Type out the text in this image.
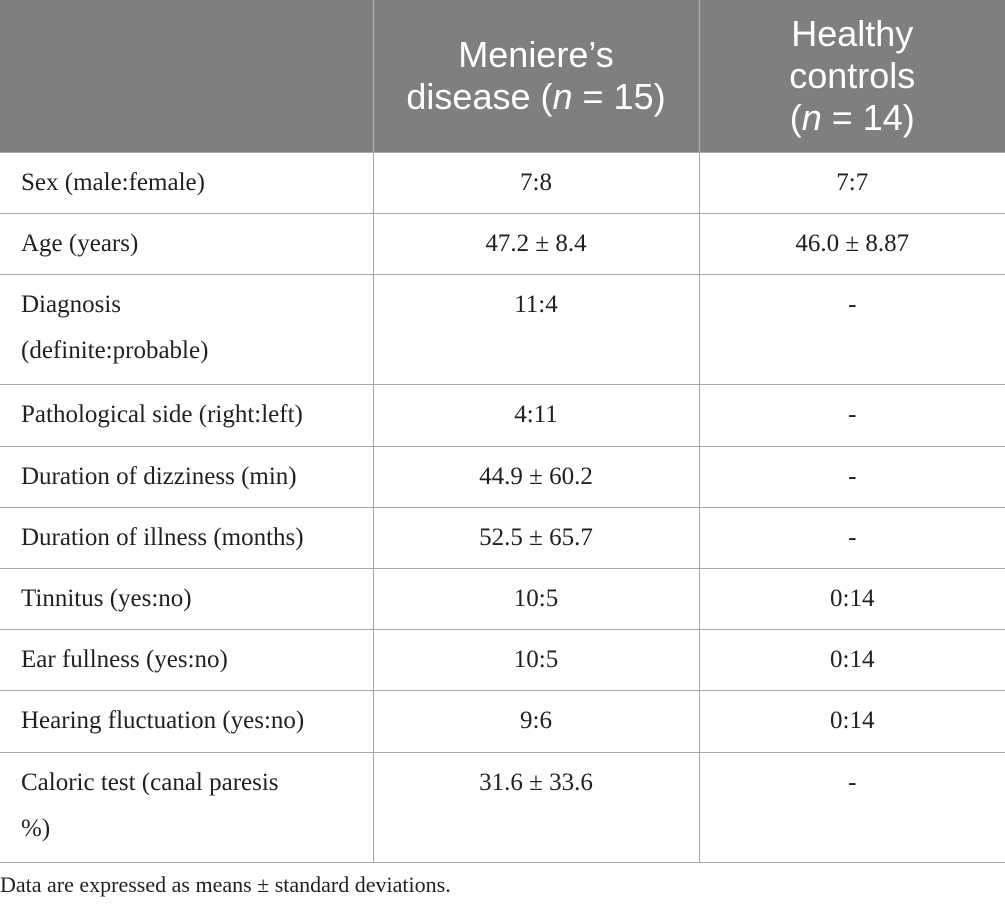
	Meniere’s
disease (n = 15)	Healthy
controls
(n = 14)

Sex (male:female)	7:8	7:7

Age (years)	47.2 ± 8.4	46.0 ± 8.87

Diagnosis
(definite:probable)	11:4	-

Pathological side (right:left)	4:11	-

Duration of dizziness (min)	44.9 ± 60.2	-

Duration of illness (months)	52.5 ± 65.7	-

Tinnitus (yes:no)	10:5	0:14

Ear fullness (yes:no)	10:5	0:14

Hearing fluctuation (yes:no)	9:6	0:14

Caloric test (canal paresis
%)	31.6 ± 33.6	-
Data are expressed as means ± standard deviations.
